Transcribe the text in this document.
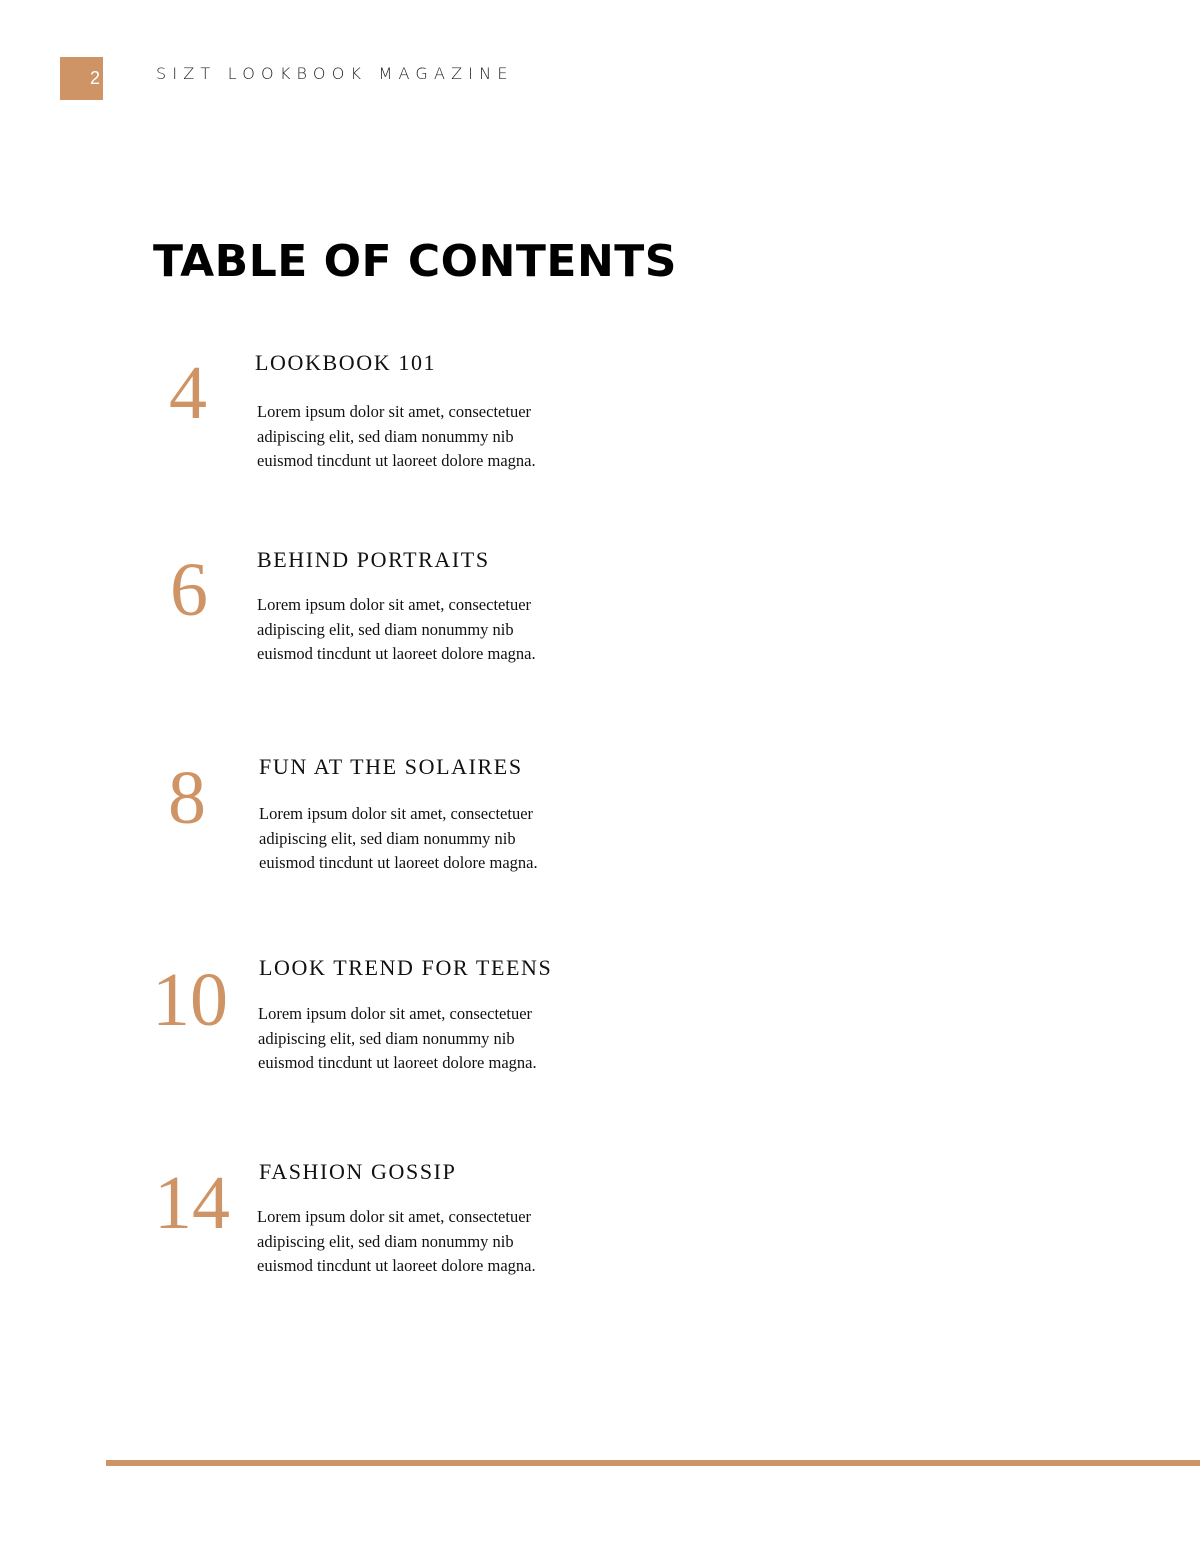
2	SIZT LOOKBOOK MAGAZINE
TABLE OF CONTENTS
4	LOOKBOOK 101
Lorem ipsum dolor sit amet, consectetuer
adipiscing elit, sed diam nonummy nib
euismod tincdunt ut laoreet dolore magna.
6	BEHIND PORTRAITS
Lorem ipsum dolor sit amet, consectetuer
adipiscing elit, sed diam nonummy nib
euismod tincdunt ut laoreet dolore magna.
8	FUN AT THE SOLAIRES
Lorem ipsum dolor sit amet, consectetuer
adipiscing elit, sed diam nonummy nib
euismod tincdunt ut laoreet dolore magna.
10	LOOK TREND FOR TEENS
Lorem ipsum dolor sit amet, consectetuer
adipiscing elit, sed diam nonummy nib
euismod tincdunt ut laoreet dolore magna.
14	FASHION GOSSIP
Lorem ipsum dolor sit amet, consectetuer
adipiscing elit, sed diam nonummy nib
euismod tincdunt ut laoreet dolore magna.
